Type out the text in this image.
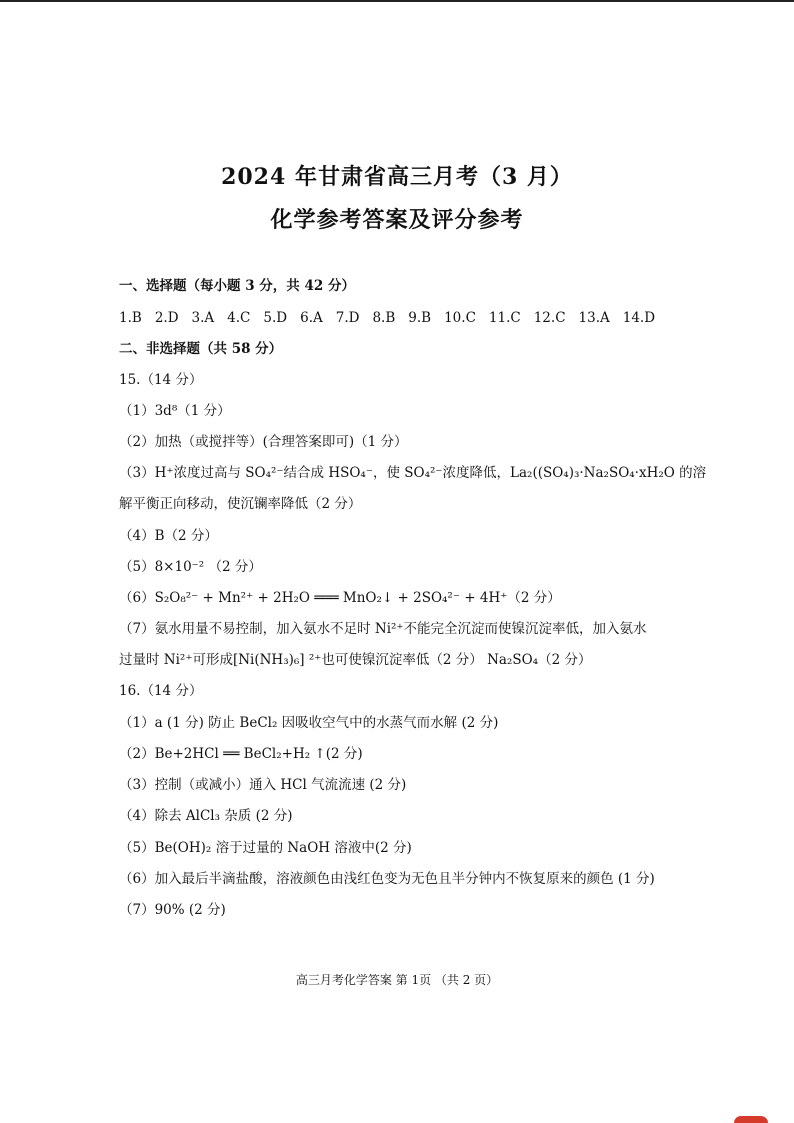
2024 年甘肃省高三月考（3 月）
化学参考答案及评分参考
一、选择题（每小题 3 分，共 42 分）
1.B 2.D 3.A 4.C 5.D 6.A 7.D 8.B 9.B 10.C 11.C 12.C 13.A 14.D
二、非选择题（共 58 分）
15.（14 分）
（1）3d⁸（1 分）
（2）加热（或搅拌等）(合理答案即可)（1 分）
（3）H⁺浓度过高与 SO₄²⁻结合成 HSO₄⁻，使 SO₄²⁻浓度降低，La₂((SO₄)₃·Na₂SO₄·xH₂O 的溶
解平衡正向移动，使沉镧率降低（2 分）
（4）B（2 分）
（5）8×10⁻² （2 分）
（6）S₂O₈²⁻ + Mn²⁺ + 2H₂O ═══ MnO₂↓ + 2SO₄²⁻ + 4H⁺（2 分）
（7）氨水用量不易控制，加入氨水不足时 Ni²⁺不能完全沉淀而使镍沉淀率低，加入氨水
过量时 Ni²⁺可形成[Ni(NH₃)₆] ²⁺也可使镍沉淀率低（2 分） Na₂SO₄（2 分）
16.（14 分）
（1）a (1 分) 防止 BeCl₂ 因吸收空气中的水蒸气而水解 (2 分)
（2）Be+2HCl ══ BeCl₂+H₂ ↑(2 分)
（3）控制（或减小）通入 HCl 气流流速 (2 分)
（4）除去 AlCl₃ 杂质 (2 分)
（5）Be(OH)₂ 溶于过量的 NaOH 溶液中(2 分)
（6）加入最后半滴盐酸，溶液颜色由浅红色变为无色且半分钟内不恢复原来的颜色 (1 分)
（7）90% (2 分)
高三月考化学答案 第 1页 （共 2 页）
